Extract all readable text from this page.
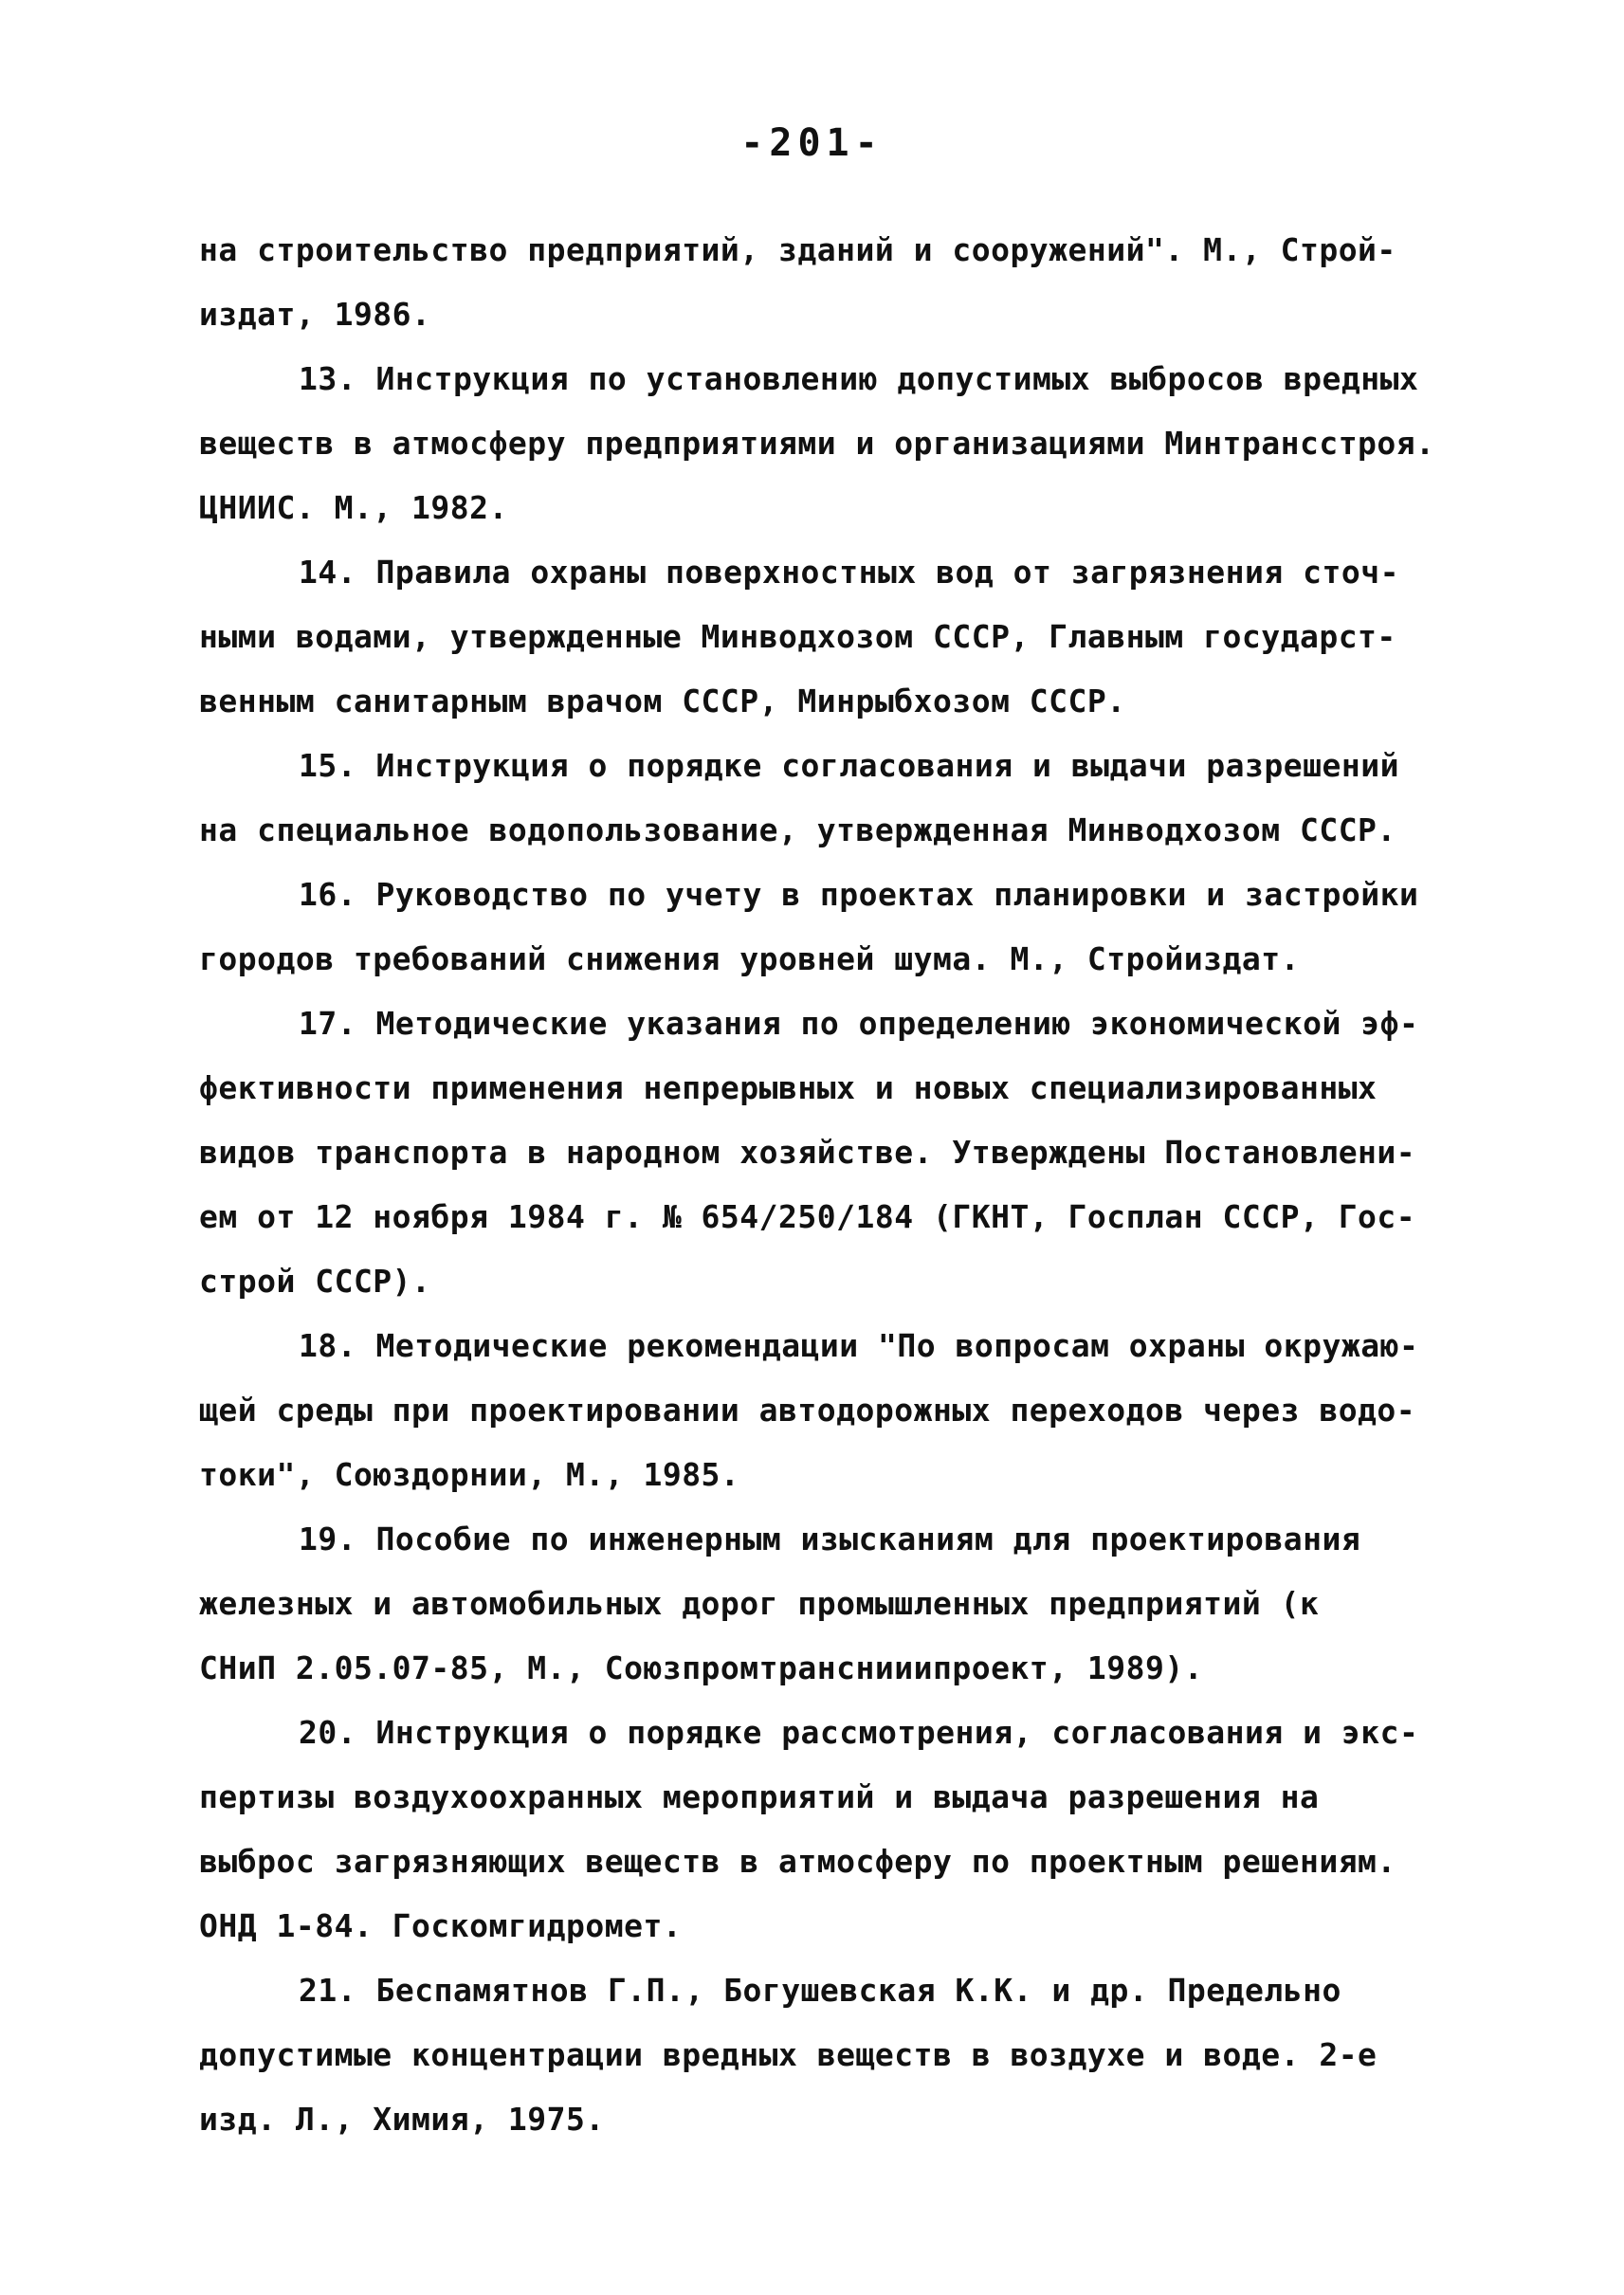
-201-
на строительство предприятий, зданий и сооружений". М., Строй-
издат, 1986.
13. Инструкция по установлению допустимых выбросов вредных
веществ в атмосферу предприятиями и организациями Минтрансстроя.
ЦНИИС. М., 1982.
14. Правила охраны поверхностных вод от загрязнения сточ-
ными водами, утвержденные Минводхозом СССР, Главным государст-
венным санитарным врачом СССР, Минрыбхозом СССР.
15. Инструкция о порядке согласования и выдачи разрешений
на специальное водопользование, утвержденная Минводхозом СССР.
16. Руководство по учету в проектах планировки и застройки
городов требований снижения уровней шума. М., Стройиздат.
17. Методические указания по определению экономической эф-
фективности применения непрерывных и новых специализированных
видов транспорта в народном хозяйстве. Утверждены Постановлени-
ем от 12 ноября 1984 г. № 654/250/184 (ГКНТ, Госплан СССР, Гос-
строй СССР).
18. Методические рекомендации "По вопросам охраны окружаю-
щей среды при проектировании автодорожных переходов через водо-
токи", Союздорнии, М., 1985.
19. Пособие по инженерным изысканиям для проектирования
железных и автомобильных дорог промышленных предприятий (к
СНиП 2.05.07-85, М., Союзпромтранснииипроект, 1989).
20. Инструкция о порядке рассмотрения, согласования и экс-
пертизы воздухоохранных мероприятий и выдача разрешения на
выброс загрязняющих веществ в атмосферу по проектным решениям.
ОНД 1-84. Госкомгидромет.
21. Беспамятнов Г.П., Богушевская К.К. и др. Предельно
допустимые концентрации вредных веществ в воздухе и воде. 2-е
изд. Л., Химия, 1975.
